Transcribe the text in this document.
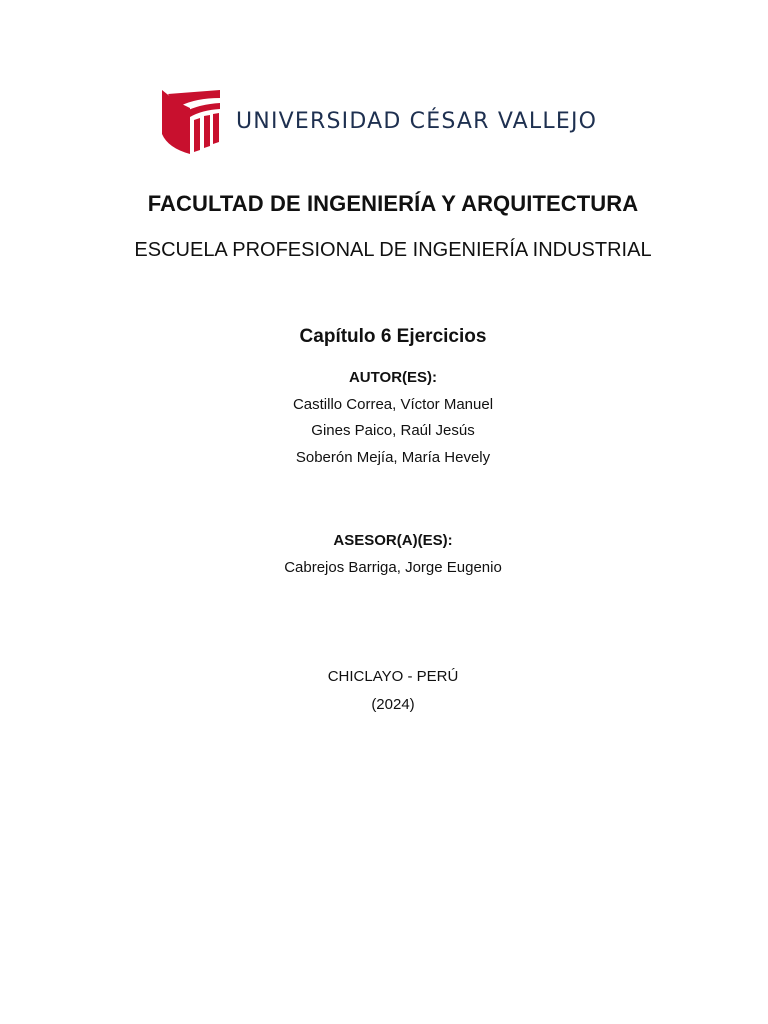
UNIVERSIDAD CÉSAR VALLEJO
FACULTAD DE INGENIERÍA Y ARQUITECTURA
ESCUELA PROFESIONAL DE INGENIERÍA INDUSTRIAL
Capítulo 6 Ejercicios
AUTOR(ES):
Castillo Correa, Víctor Manuel
Gines Paico, Raúl Jesús
Soberón Mejía, María Hevely
ASESOR(A)(ES):
Cabrejos Barriga, Jorge Eugenio
CHICLAYO - PERÚ
(2024)
